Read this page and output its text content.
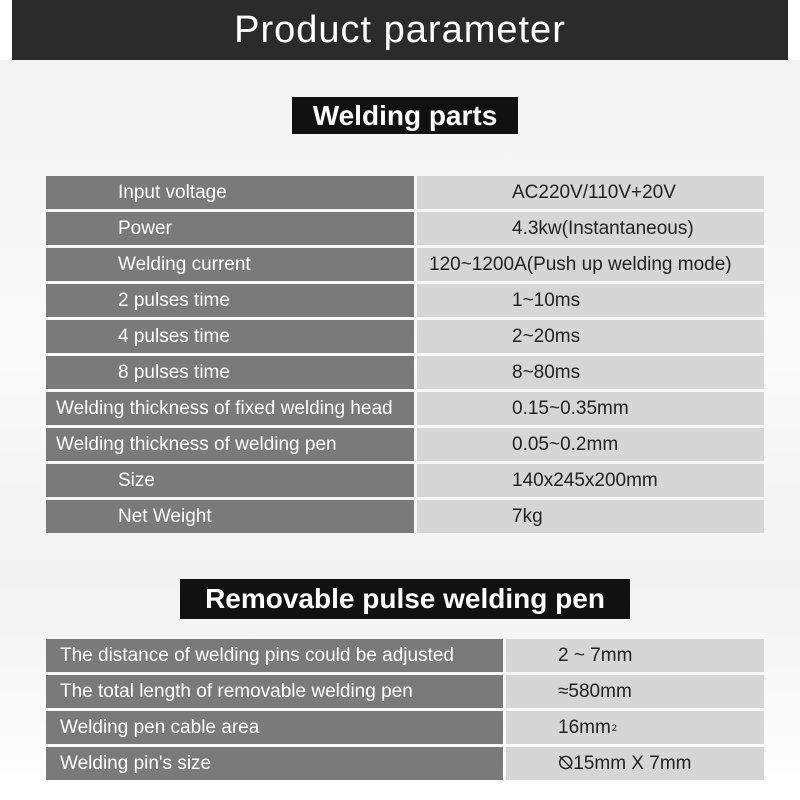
Product parameter
Welding parts
Input voltage	AC220V/110V+20V
Power	4.3kw(Instantaneous)
Welding current	120~1200A(Push up welding mode)
2 pulses time	1~10ms
4 pulses time	2~20ms
8 pulses time	8~80ms
Welding thickness of fixed welding head	0.15~0.35mm
Welding thickness of welding pen	0.05~0.2mm
Size	140x245x200mm
Net Weight	7kg
Removable pulse welding pen
The distance of welding pins could be adjusted	2 ~ 7mm
The total length of removable welding pen	≈580mm
Welding pen cable area	16mm 2
Welding pin's size	⦰15mm X 7mm
